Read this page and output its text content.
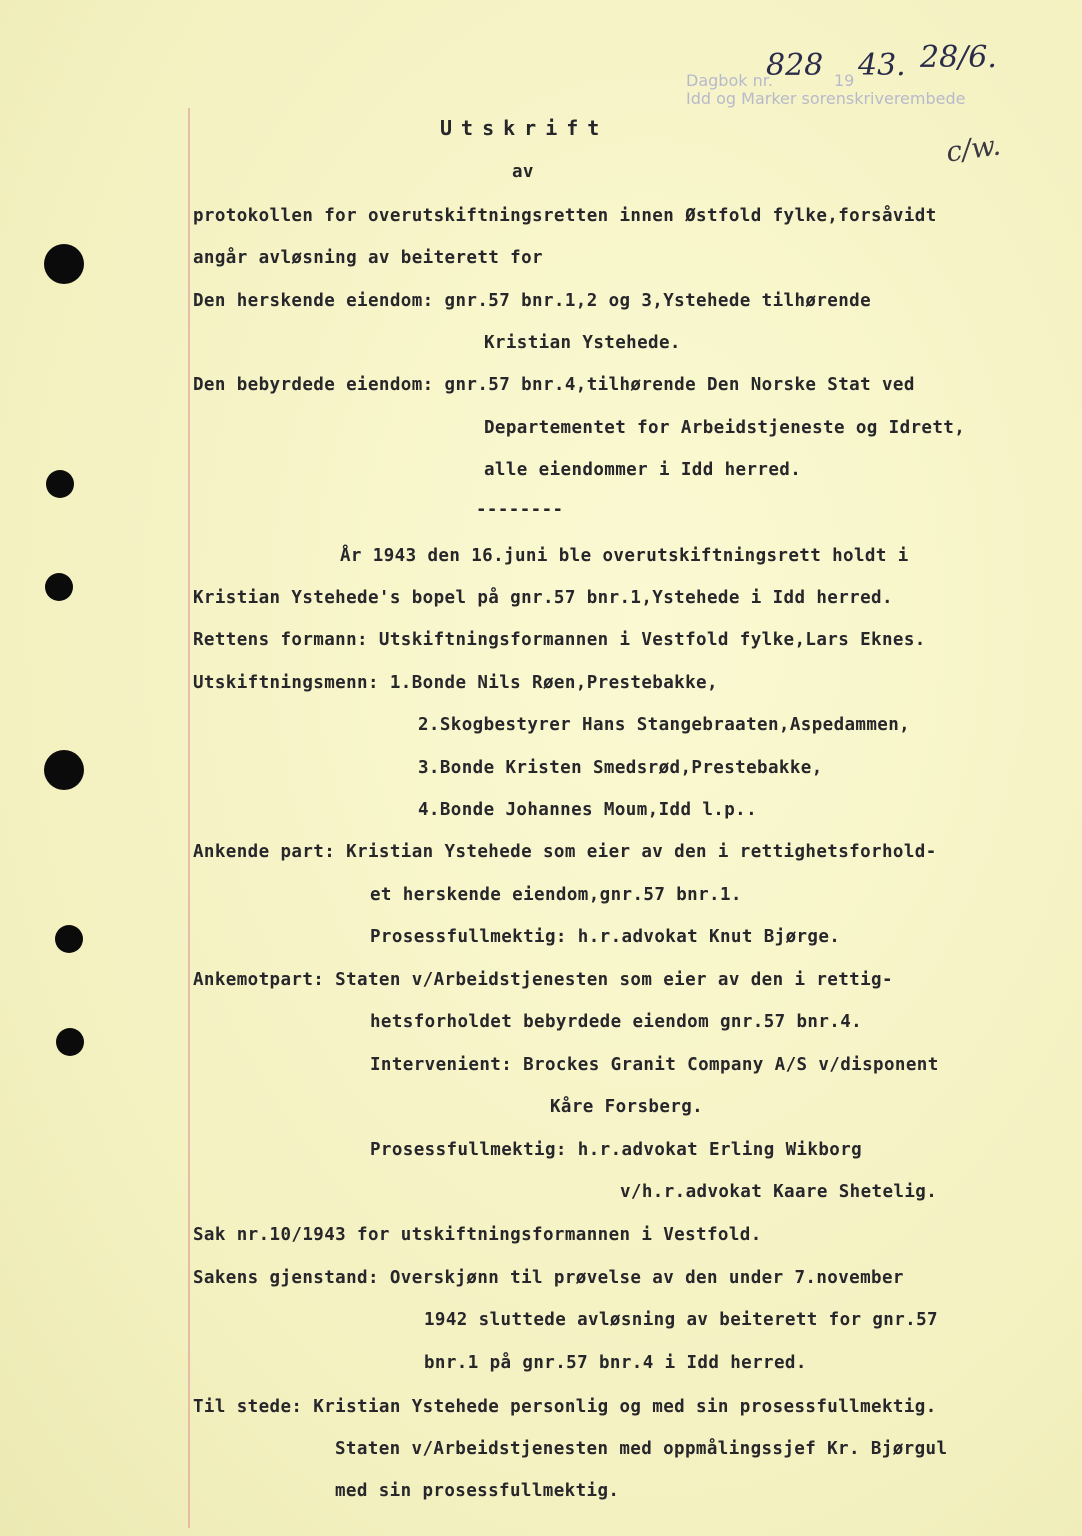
Dagbok nr.
828 19 43. 28/6.
Idd og Marker sorenskriverembede
c/w.
Utskrift
av
protokollen for overutskiftningsretten innen Østfold fylke,forsåvidt
angår avløsning av beiterett for
Den herskende eiendom: gnr.57 bnr.1,2 og 3,Ystehede tilhørende
Kristian Ystehede.
Den bebyrdede eiendom: gnr.57 bnr.4,tilhørende Den Norske Stat ved
Departementet for Arbeidstjeneste og Idrett,
alle eiendommer i Idd herred.
--------
År 1943 den 16.juni ble overutskiftningsrett holdt i
Kristian Ystehede's bopel på gnr.57 bnr.1,Ystehede i Idd herred.
Rettens formann: Utskiftningsformannen i Vestfold fylke,Lars Eknes.
Utskiftningsmenn: 1.Bonde Nils Røen,Prestebakke,
2.Skogbestyrer Hans Stangebraaten,Aspedammen,
3.Bonde Kristen Smedsrød,Prestebakke,
4.Bonde Johannes Moum,Idd l.p..
Ankende part: Kristian Ystehede som eier av den i rettighetsforhold-
et herskende eiendom,gnr.57 bnr.1.
Prosessfullmektig: h.r.advokat Knut Bjørge.
Ankemotpart: Staten v/Arbeidstjenesten som eier av den i rettig-
hetsforholdet bebyrdede eiendom gnr.57 bnr.4.
Intervenient: Brockes Granit Company A/S v/disponent
Kåre Forsberg.
Prosessfullmektig: h.r.advokat Erling Wikborg
v/h.r.advokat Kaare Shetelig.
Sak nr.10/1943 for utskiftningsformannen i Vestfold.
Sakens gjenstand: Overskjønn til prøvelse av den under 7.november
1942 sluttede avløsning av beiterett for gnr.57
bnr.1 på gnr.57 bnr.4 i Idd herred.
Til stede: Kristian Ystehede personlig og med sin prosessfullmektig.
Staten v/Arbeidstjenesten med oppmålingssjef Kr. Bjørgul
med sin prosessfullmektig.
